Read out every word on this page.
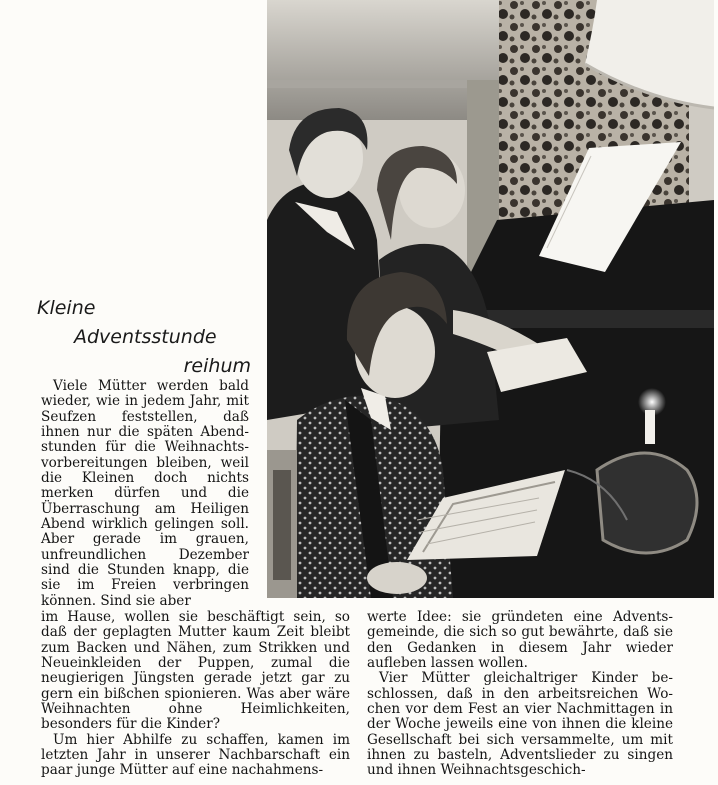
Kleine
Adventsstunde
reihum

Viele Mütter werden bald wieder, wie in jedem Jahr, mit Seufzen feststellen, daß ihnen nur die späten Abendstunden für die Weihnachtsvorbereitungen bleiben, weil die Kleinen doch nichts merken dürfen und die Überraschung am Heiligen Abend wirklich gelingen soll. Aber gerade im grauen, unfreundlichen Dezember sind die Stunden knapp, die sie im Freien verbringen können. Sind sie aber

im Hause, wollen sie beschäftigt sein, so daß der geplagten Mutter kaum Zeit bleibt zum Backen und Nähen, zum Strikken und Neueinkleiden der Puppen, zumal die neugierigen Jüngsten gerade jetzt gar zu gern ein bißchen spionieren. Was aber wäre Weihnachten ohne Heimlichkeiten, besonders für die Kinder?

Um hier Abhilfe zu schaffen, kamen im letzten Jahr in unserer Nachbarschaft ein paar junge Mütter auf eine nachahmens-

werte Idee: sie gründeten eine Adventsgemeinde, die sich so gut bewährte, daß sie den Gedanken in diesem Jahr wieder aufleben lassen wollen.

Vier Mütter gleichaltriger Kinder beschlossen, daß in den arbeitsreichen Wochen vor dem Fest an vier Nachmittagen in der Woche jeweils eine von ihnen die kleine Gesellschaft bei sich versammelte, um mit ihnen zu basteln, Adventslieder zu singen und ihnen Weihnachtsgeschich-
